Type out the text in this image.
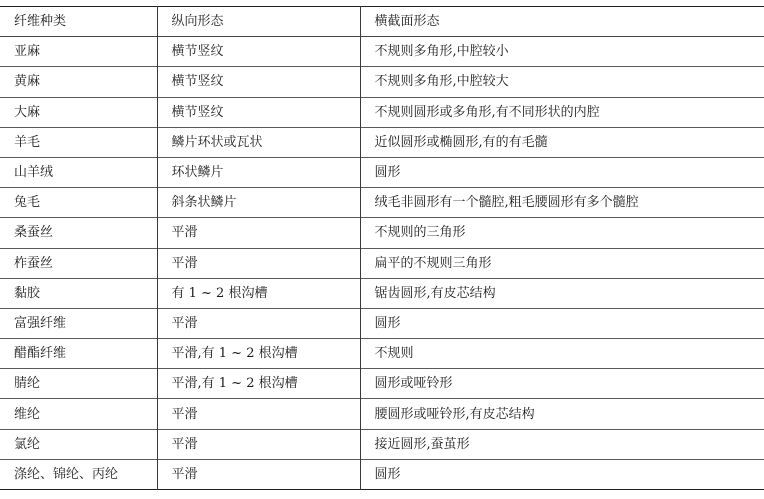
纤维种类	纵向形态	横截面形态
亚麻	横节竖纹	不规则多角形,中腔较小
黄麻	横节竖纹	不规则多角形,中腔较大
大麻	横节竖纹	不规则圆形或多角形,有不同形状的内腔
羊毛	鳞片环状或瓦状	近似圆形或椭圆形,有的有毛髓
山羊绒	环状鳞片	圆形
兔毛	斜条状鳞片	绒毛非圆形有一个髓腔,粗毛腰圆形有多个髓腔
桑蚕丝	平滑	不规则的三角形
柞蚕丝	平滑	扁平的不规则三角形
黏胶	有 1 ~ 2 根沟槽	锯齿圆形,有皮芯结构
富强纤维	平滑	圆形
醋酯纤维	平滑,有 1 ~ 2 根沟槽	不规则
腈纶	平滑,有 1 ~ 2 根沟槽	圆形或哑铃形
维纶	平滑	腰圆形或哑铃形,有皮芯结构
氯纶	平滑	接近圆形,蚕茧形
涤纶、锦纶、丙纶	平滑	圆形
